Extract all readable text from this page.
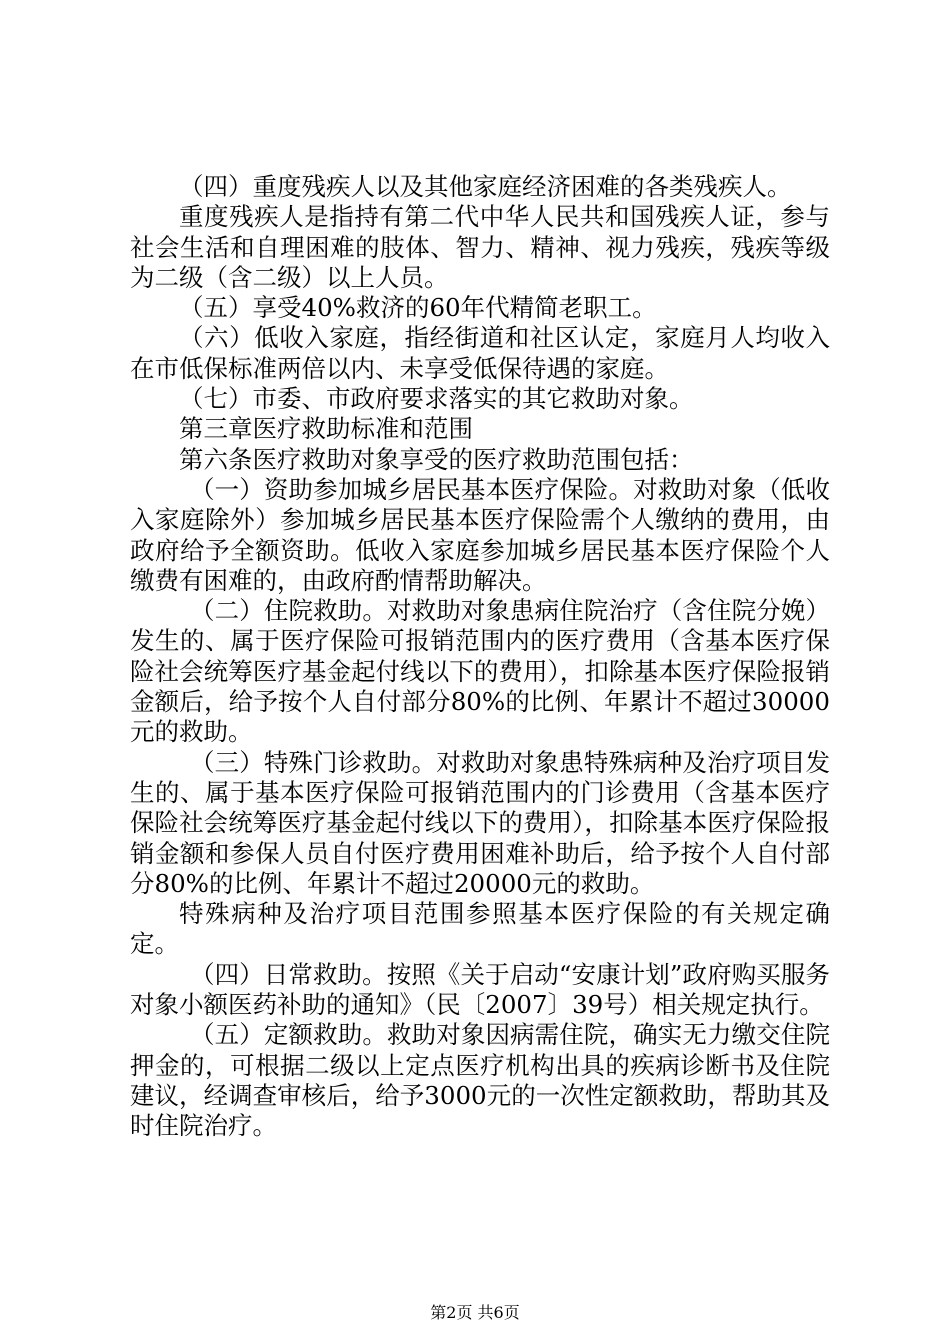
（四）重度残疾人以及其他家庭经济困难的各类残疾人。

重度残疾人是指持有第二代中华人民共和国残疾人证，参与社会生活和自理困难的肢体、智力、精神、视力残疾，残疾等级为二级（含二级）以上人员。

（五）享受40%救济的60年代精简老职工。

（六）低收入家庭，指经街道和社区认定，家庭月人均收入在市低保标准两倍以内、未享受低保待遇的家庭。

（七）市委、市政府要求落实的其它救助对象。

第三章医疗救助标准和范围

第六条医疗救助对象享受的医疗救助范围包括：

（一）资助参加城乡居民基本医疗保险。对救助对象（低收入家庭除外）参加城乡居民基本医疗保险需个人缴纳的费用，由政府给予全额资助。低收入家庭参加城乡居民基本医疗保险个人缴费有困难的，由政府酌情帮助解决。

（二）住院救助。对救助对象患病住院治疗（含住院分娩）发生的、属于医疗保险可报销范围内的医疗费用（含基本医疗保险社会统筹医疗基金起付线以下的费用），扣除基本医疗保险报销金额后，给予按个人自付部分80%的比例、年累计不超过30000元的救助。

（三）特殊门诊救助。对救助对象患特殊病种及治疗项目发生的、属于基本医疗保险可报销范围内的门诊费用（含基本医疗保险社会统筹医疗基金起付线以下的费用），扣除基本医疗保险报销金额和参保人员自付医疗费用困难补助后，给予按个人自付部分80%的比例、年累计不超过20000元的救助。

特殊病种及治疗项目范围参照基本医疗保险的有关规定确定。

（四）日常救助。按照《关于启动“安康计划”政府购买服务对象小额医药补助的通知》（民〔2007〕39号）相关规定执行。

（五）定额救助。救助对象因病需住院，确实无力缴交住院押金的，可根据二级以上定点医疗机构出具的疾病诊断书及住院建议，经调查审核后，给予3000元的一次性定额救助，帮助其及时住院治疗。

第2页 共6页
